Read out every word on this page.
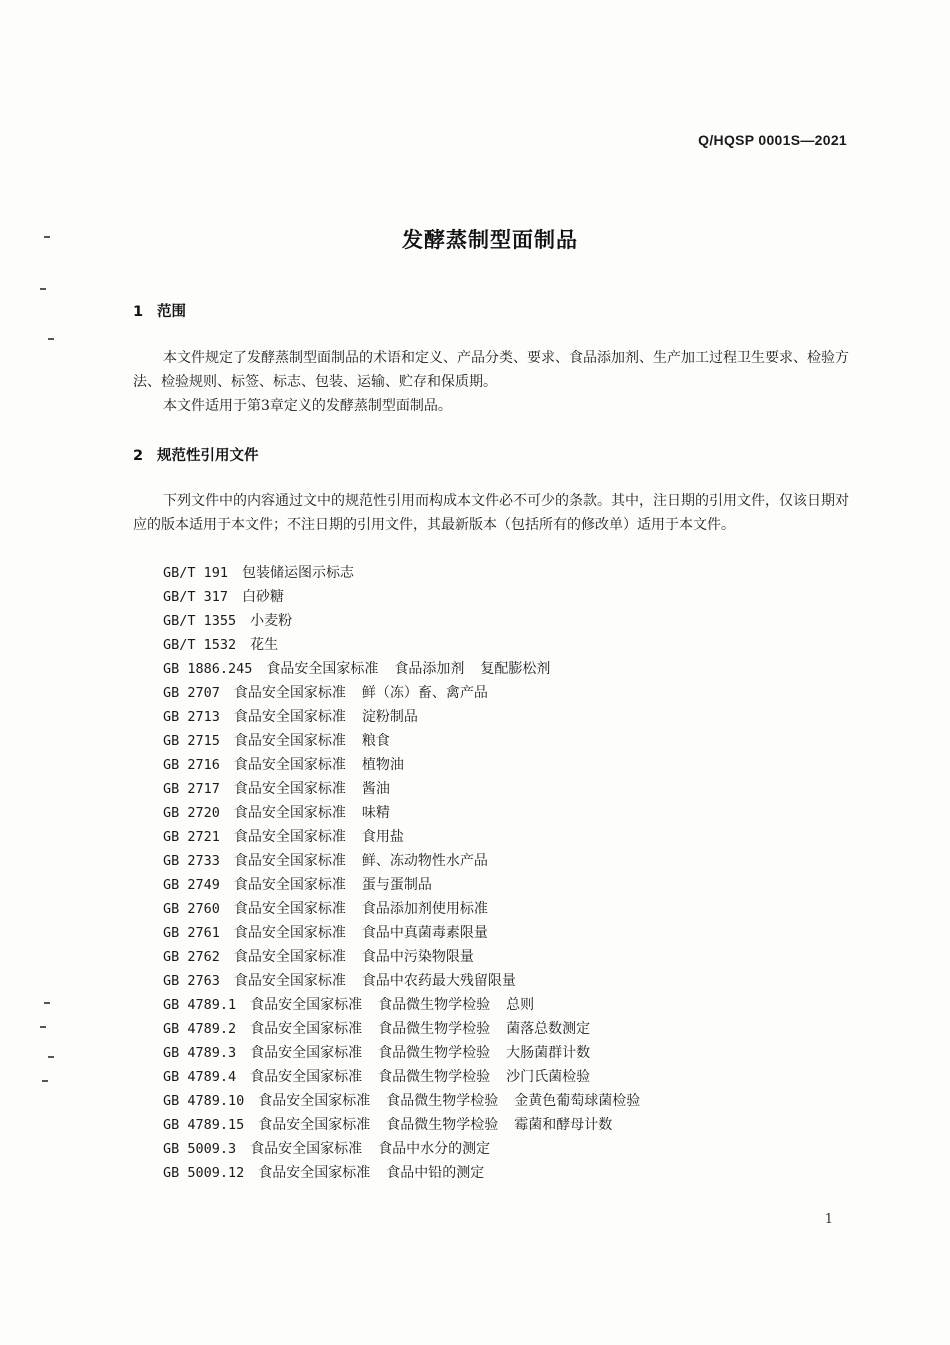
Q/HQSP 0001S—2021
发酵蒸制型面制品
1 范围
本文件规定了发酵蒸制型面制品的术语和定义、产品分类、要求、食品添加剂、生产加工过程卫生要求、检验方法、检验规则、标签、标志、包装、运输、贮存和保质期。
本文件适用于第3章定义的发酵蒸制型面制品。
2 规范性引用文件
下列文件中的内容通过文中的规范性引用而构成本文件必不可少的条款。其中，注日期的引用文件，仅该日期对应的版本适用于本文件；不注日期的引用文件，其最新版本（包括所有的修改单）适用于本文件。
GB/T 191 包装储运图示标志
GB/T 317 白砂糖
GB/T 1355 小麦粉
GB/T 1532 花生
GB 1886.245 食品安全国家标准 食品添加剂 复配膨松剂
GB 2707 食品安全国家标准 鲜（冻）畜、禽产品
GB 2713 食品安全国家标准 淀粉制品
GB 2715 食品安全国家标准 粮食
GB 2716 食品安全国家标准 植物油
GB 2717 食品安全国家标准 酱油
GB 2720 食品安全国家标准 味精
GB 2721 食品安全国家标准 食用盐
GB 2733 食品安全国家标准 鲜、冻动物性水产品
GB 2749 食品安全国家标准 蛋与蛋制品
GB 2760 食品安全国家标准 食品添加剂使用标准
GB 2761 食品安全国家标准 食品中真菌毒素限量
GB 2762 食品安全国家标准 食品中污染物限量
GB 2763 食品安全国家标准 食品中农药最大残留限量
GB 4789.1 食品安全国家标准 食品微生物学检验 总则
GB 4789.2 食品安全国家标准 食品微生物学检验 菌落总数测定
GB 4789.3 食品安全国家标准 食品微生物学检验 大肠菌群计数
GB 4789.4 食品安全国家标准 食品微生物学检验 沙门氏菌检验
GB 4789.10 食品安全国家标准 食品微生物学检验 金黄色葡萄球菌检验
GB 4789.15 食品安全国家标准 食品微生物学检验 霉菌和酵母计数
GB 5009.3 食品安全国家标准 食品中水分的测定
GB 5009.12 食品安全国家标准 食品中铅的测定
1
